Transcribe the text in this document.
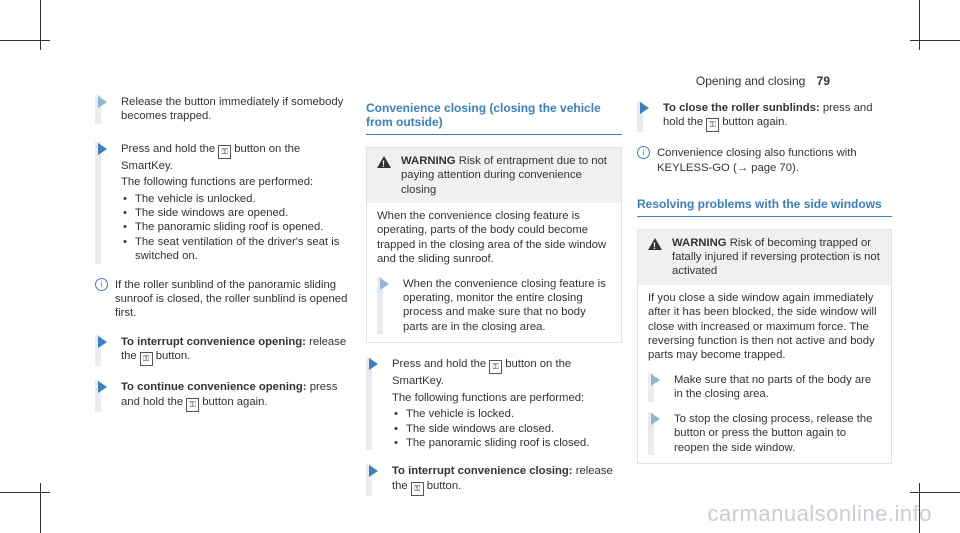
Opening and closing 79

Release the button immediately if somebody becomes trapped.

Press and hold the ⚿ button on the SmartKey.

The following functions are performed:

• The vehicle is unlocked.
• The side windows are opened.
• The panoramic sliding roof is opened.
• The seat ventilation of the driver's seat is switched on.
i	If the roller sunblind of the panoramic sliding sunroof is closed, the roller sunblind is opened first.

To interrupt convenience opening: release the ⚿ button.

To continue convenience opening: press and hold the ⚿ button again.

Convenience closing (closing the vehicle from outside)
!
WARNING Risk of entrapment due to not paying attention during convenience closing

When the convenience closing feature is operating, parts of the body could become trapped in the closing area of the side window and the sliding sunroof.

When the convenience closing feature is operating, monitor the entire closing process and make sure that no body parts are in the closing area.

Press and hold the ⚿ button on the SmartKey.

The following functions are performed:

• The vehicle is locked.
• The side windows are closed.
• The panoramic sliding roof is closed.

To interrupt convenience closing: release the ⚿ button.

To close the roller sunblinds: press and hold the ⚿ button again.

i	Convenience closing also functions with KEYLESS-GO (→ page 70).
Resolving problems with the side windows
!
WARNING Risk of becoming trapped or fatally injured if reversing protection is not activated

If you close a side window again immediately after it has been blocked, the side window will close with increased or maximum force. The reversing function is then not active and body parts may become trapped.

Make sure that no parts of the body are in the closing area.

To stop the closing process, release the button or press the button again to reopen the side window.

carmanualsonline.info
